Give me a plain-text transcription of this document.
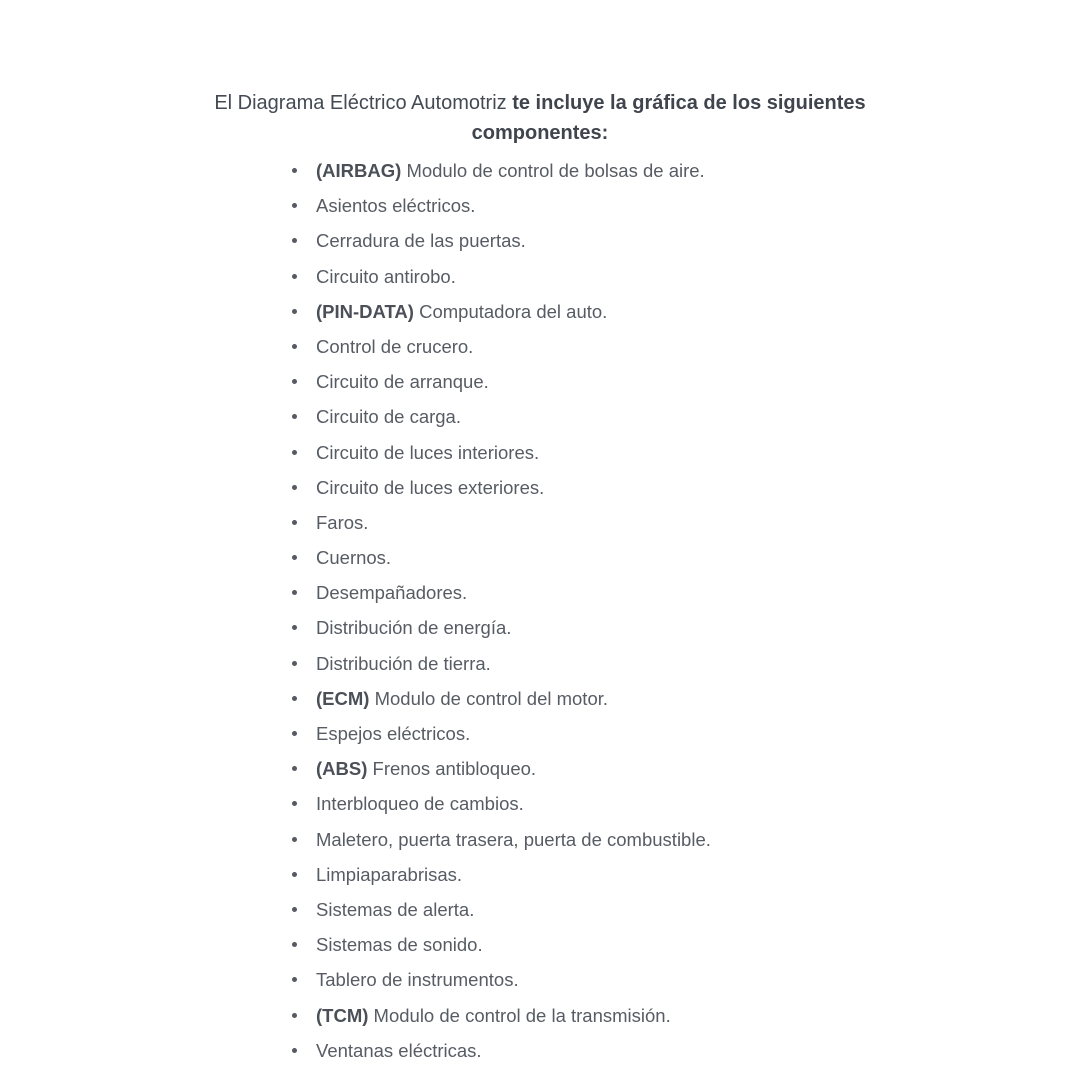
El Diagrama Eléctrico Automotriz te incluye la gráfica de los siguientes componentes:

(AIRBAG) Modulo de control de bolsas de aire.
Asientos eléctricos.
Cerradura de las puertas.
Circuito antirobo.
(PIN-DATA) Computadora del auto.
Control de crucero.
Circuito de arranque.
Circuito de carga.
Circuito de luces interiores.
Circuito de luces exteriores.
Faros.
Cuernos.
Desempañadores.
Distribución de energía.
Distribución de tierra.
(ECM) Modulo de control del motor.
Espejos eléctricos.
(ABS) Frenos antibloqueo.
Interbloqueo de cambios.
Maletero, puerta trasera, puerta de combustible.
Limpiaparabrisas.
Sistemas de alerta.
Sistemas de sonido.
Tablero de instrumentos.
(TCM) Modulo de control de la transmisión.
Ventanas eléctricas.
